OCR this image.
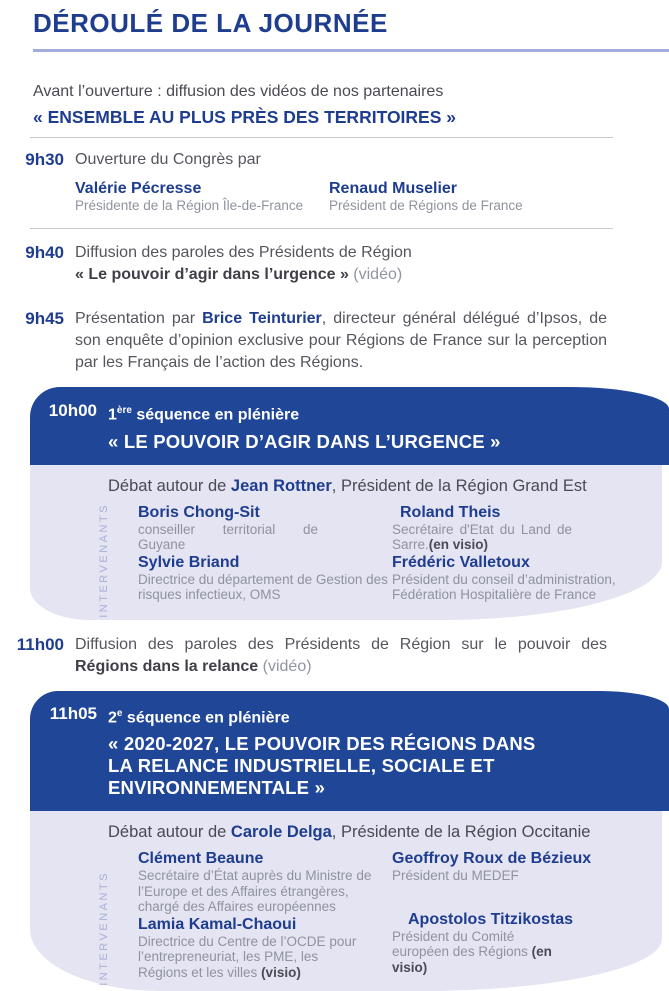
DÉROULÉ DE LA JOURNÉE
Avant l’ouverture : diffusion des vidéos de nos partenaires
« ENSEMBLE AU PLUS PRÈS DES TERRITOIRES »
9h30 Ouverture du Congrès par
Valérie Pécresse
Présidente de la Région Île-de-France
Renaud Muselier
Président de Régions de France
9h40 Diffusion des paroles des Présidents de Région
« Le pouvoir d’agir dans l’urgence » (vidéo)
9h45 Présentation par Brice Teinturier, directeur général délégué d’Ipsos, de son enquête d’opinion exclusive pour Régions de France sur la perception par les Français de l’action des Régions.
10h00 1ère séquence en plénière
« LE POUVOIR D’AGIR DANS L’URGENCE »
INTERVENANTS
Débat autour de Jean Rottner, Président de la Région Grand Est
Boris Chong-Sit
conseiller territorial de Guyane
Sylvie Briand
Directrice du département de Gestion des risques infectieux, OMS
Roland Theis
Secrétaire d'Etat du Land de Sarre.(en visio)
Frédéric Valletoux
Président du conseil d’administration, Fédération Hospitalière de France
11h00 Diffusion des paroles des Présidents de Région sur le pouvoir des
Régions dans la relance (vidéo)
11h05 2e séquence en plénière
« 2020-2027, LE POUVOIR DES RÉGIONS DANS
LA RELANCE INDUSTRIELLE, SOCIALE ET
ENVIRONNEMENTALE »
INTERVENANTS
Débat autour de Carole Delga, Présidente de la Région Occitanie
Clément Beaune
Secrétaire d’État auprès du Ministre de l’Europe et des Affaires étrangères, chargé des Affaires européennes
Lamia Kamal-Chaoui
Directrice du Centre de l’OCDE pour l’entrepreneuriat, les PME, les Régions et les villes (visio)
Geoffroy Roux de Bézieux
Président du MEDEF
Apostolos Titzikostas
Président du Comité européen des Régions (en visio)
